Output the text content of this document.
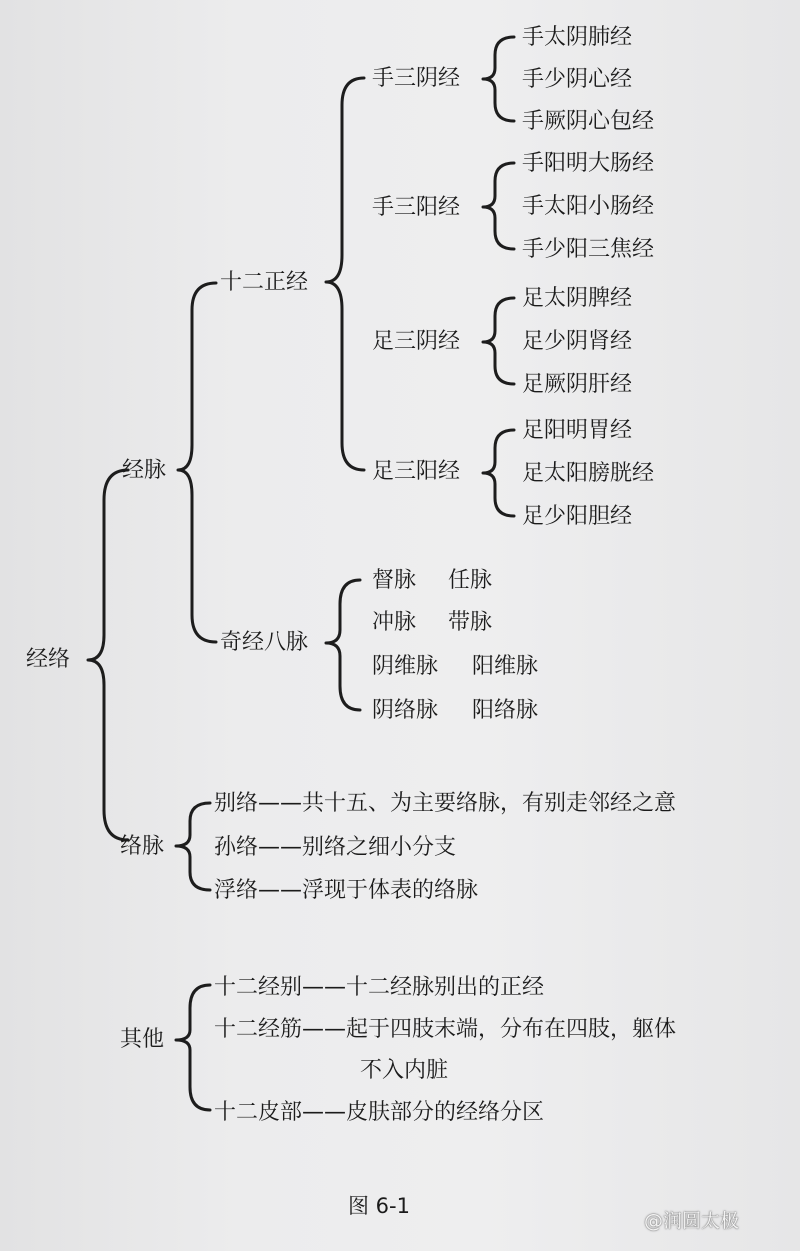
经络
经脉
络脉
其他
十二正经
奇经八脉
手三阴经
手三阳经
足三阴经
足三阳经
手太阴肺经
手少阴心经
手厥阴心包经
手阳明大肠经
手太阳小肠经
手少阳三焦经
足太阴脾经
足少阴肾经
足厥阴肝经
足阳明胃经
足太阳膀胱经
足少阳胆经
督脉 任脉
冲脉 带脉
阴维脉 阳维脉
阴络脉 阳络脉
别络——共十五、为主要络脉，有别走邻经之意
孙络——别络之细小分支
浮络——浮现于体表的络脉
十二经别——十二经脉别出的正经
十二经筋——起于四肢末端，分布在四肢，躯体
不入内脏
十二皮部——皮肤部分的经络分区
图 6-1
@润圆太极
